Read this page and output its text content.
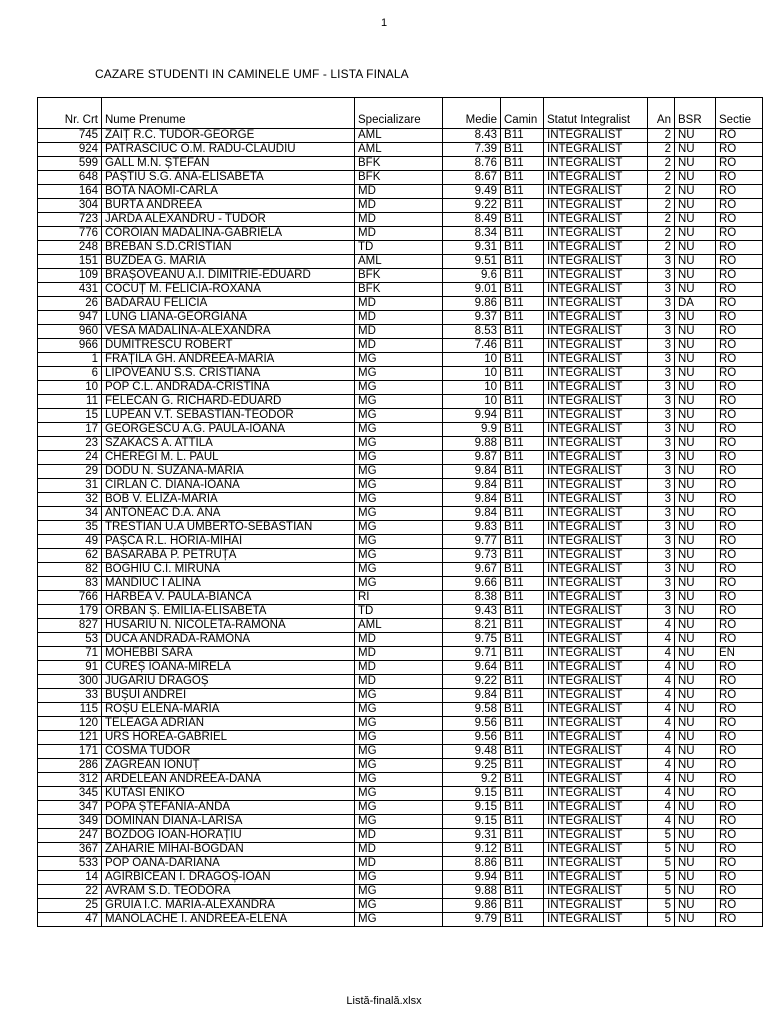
1
CAZARE STUDENTI IN CAMINELE UMF - LISTA FINALA
Nr. Crt	Nume Prenume	Specializare	Medie	Camin	Statut Integralist	An	BSR	Sectie
745	ZAIȚ R.C. TUDOR-GEORGE	AML	8.43	B11	INTEGRALIST	2	NU	RO
924	PATRASCIUC O.M. RADU-CLAUDIU	AML	7.39	B11	INTEGRALIST	2	NU	RO
599	GALL M.N. ȘTEFAN	BFK	8.76	B11	INTEGRALIST	2	NU	RO
648	PAȘTIU S.G. ANA-ELISABETA	BFK	8.67	B11	INTEGRALIST	2	NU	RO
164	BOTA NAOMI-CARLA	MD	9.49	B11	INTEGRALIST	2	NU	RO
304	BURTĂ ANDREEA	MD	9.22	B11	INTEGRALIST	2	NU	RO
723	JARDA ALEXANDRU - TUDOR	MD	8.49	B11	INTEGRALIST	2	NU	RO
776	COROIAN MĂDĂLINA-GABRIELA	MD	8.34	B11	INTEGRALIST	2	NU	RO
248	BREBAN S.D.CRISTIAN	TD	9.31	B11	INTEGRALIST	2	NU	RO
151	BUZDEA G. MARIA	AML	9.51	B11	INTEGRALIST	3	NU	RO
109	BRAȘOVEANU A.I. DIMITRIE-EDUARD	BFK	9.6	B11	INTEGRALIST	3	NU	RO
431	COCUȚ M. FELICIA-ROXANA	BFK	9.01	B11	INTEGRALIST	3	NU	RO
26	BĂDĂRĂU FELICIA	MD	9.86	B11	INTEGRALIST	3	DA	RO
947	LUNG LIANA-GEORGIANA	MD	9.37	B11	INTEGRALIST	3	NU	RO
960	VESA MĂDĂLINA-ALEXANDRA	MD	8.53	B11	INTEGRALIST	3	NU	RO
966	DUMITRESCU ROBERT	MD	7.46	B11	INTEGRALIST	3	NU	RO
1	FRĂȚILĂ GH. ANDREEA-MARIA	MG	10	B11	INTEGRALIST	3	NU	RO
6	LIPOVEANU S.S. CRISTIANA	MG	10	B11	INTEGRALIST	3	NU	RO
10	POP C.L. ANDRADA-CRISTINA	MG	10	B11	INTEGRALIST	3	NU	RO
11	FELECAN G. RICHARD-EDUARD	MG	10	B11	INTEGRALIST	3	NU	RO
15	LUPEAN V.T. SEBASTIAN-TEODOR	MG	9.94	B11	INTEGRALIST	3	NU	RO
17	GEORGESCU A.G. PAULA-IOANA	MG	9.9	B11	INTEGRALIST	3	NU	RO
23	SZAKACS A. ATTILA	MG	9.88	B11	INTEGRALIST	3	NU	RO
24	CHEREGI M. L. PAUL	MG	9.87	B11	INTEGRALIST	3	NU	RO
29	DODU N. SUZANA-MARIA	MG	9.84	B11	INTEGRALIST	3	NU	RO
31	CIRLAN C. DIANA-IOANA	MG	9.84	B11	INTEGRALIST	3	NU	RO
32	BOB V. ELIZA-MARIA	MG	9.84	B11	INTEGRALIST	3	NU	RO
34	ANTONEAC D.A. ANA	MG	9.84	B11	INTEGRALIST	3	NU	RO
35	TRESTIAN U.A UMBERTO-SEBASTIAN	MG	9.83	B11	INTEGRALIST	3	NU	RO
49	PAȘCA R.L. HORIA-MIHAI	MG	9.77	B11	INTEGRALIST	3	NU	RO
62	BASARABĂ P. PETRUȚA	MG	9.73	B11	INTEGRALIST	3	NU	RO
82	BOGHIU C.I. MIRUNA	MG	9.67	B11	INTEGRALIST	3	NU	RO
83	MANDIUC I ALINA	MG	9.66	B11	INTEGRALIST	3	NU	RO
766	HARBEA V. PAULA-BIANCA	RI	8.38	B11	INTEGRALIST	3	NU	RO
179	ORBAN Ș. EMILIA-ELISABETA	TD	9.43	B11	INTEGRALIST	3	NU	RO
827	HUSARIU N. NICOLETA-RAMONA	AML	8.21	B11	INTEGRALIST	4	NU	RO
53	DUCA ANDRADA-RAMONA	MD	9.75	B11	INTEGRALIST	4	NU	RO
71	MOHEBBI SARA	MD	9.71	B11	INTEGRALIST	4	NU	EN
91	CUREȘ IOANA-MIRELA	MD	9.64	B11	INTEGRALIST	4	NU	RO
300	JUGĂRIU DRAGOȘ	MD	9.22	B11	INTEGRALIST	4	NU	RO
33	BUȘUI ANDREI	MG	9.84	B11	INTEGRALIST	4	NU	RO
115	ROȘU ELENA-MARIA	MG	9.58	B11	INTEGRALIST	4	NU	RO
120	TELEAGĂ ADRIAN	MG	9.56	B11	INTEGRALIST	4	NU	RO
121	URS HOREA-GABRIEL	MG	9.56	B11	INTEGRALIST	4	NU	RO
171	COSMA TUDOR	MG	9.48	B11	INTEGRALIST	4	NU	RO
286	ZĂGREAN IONUȚ	MG	9.25	B11	INTEGRALIST	4	NU	RO
312	ARDELEAN ANDREEA-DANA	MG	9.2	B11	INTEGRALIST	4	NU	RO
345	KUTASI ENIKO	MG	9.15	B11	INTEGRALIST	4	NU	RO
347	POPA ȘTEFANIA-ANDA	MG	9.15	B11	INTEGRALIST	4	NU	RO
349	DOMINAN DIANA-LARISA	MG	9.15	B11	INTEGRALIST	4	NU	RO
247	BOZDOG IOAN-HORAȚIU	MD	9.31	B11	INTEGRALIST	5	NU	RO
367	ZAHARIE MIHAI-BOGDAN	MD	9.12	B11	INTEGRALIST	5	NU	RO
533	POP OANA-DARIANA	MD	8.86	B11	INTEGRALIST	5	NU	RO
14	AGÎRBICEAN I. DRAGOȘ-IOAN	MG	9.94	B11	INTEGRALIST	5	NU	RO
22	AVRAM S.D. TEODORA	MG	9.88	B11	INTEGRALIST	5	NU	RO
25	GRUIA I.C. MARIA-ALEXANDRA	MG	9.86	B11	INTEGRALIST	5	NU	RO
47	MANOLACHE I. ANDREEA-ELENA	MG	9.79	B11	INTEGRALIST	5	NU	RO
Listă-finală.xlsx
